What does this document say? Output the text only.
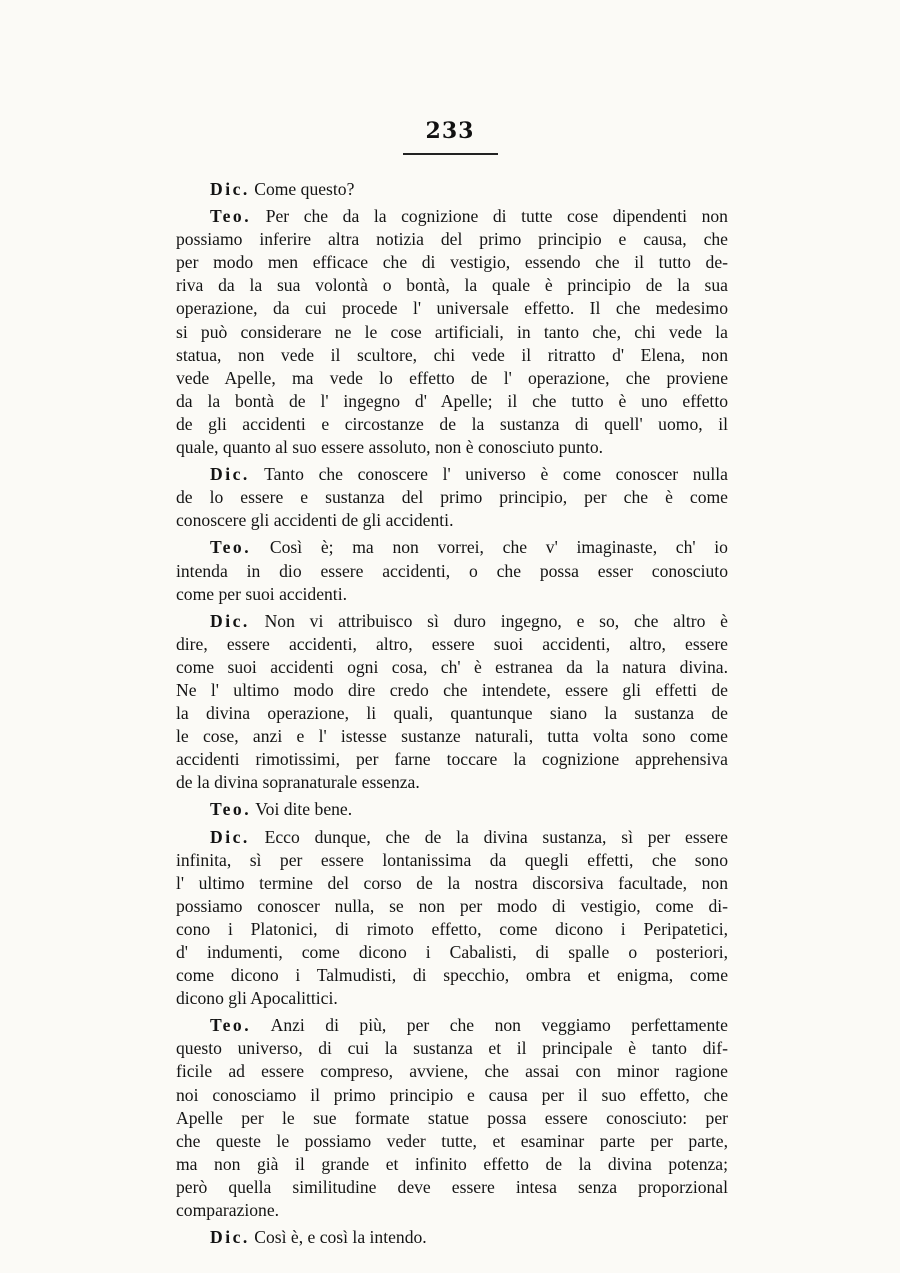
233
Dic. Come questo?
Teo. Per che da la cognizione di tutte cose dipendenti non
possiamo inferire altra notizia del primo principio e causa, che
per modo men efficace che di vestigio, essendo che il tutto de-
riva da la sua volontà o bontà, la quale è principio de la sua
operazione, da cui procede l' universale effetto. Il che medesimo
si può considerare ne le cose artificiali, in tanto che, chi vede la
statua, non vede il scultore, chi vede il ritratto d' Elena, non
vede Apelle, ma vede lo effetto de l' operazione, che proviene
da la bontà de l' ingegno d' Apelle; il che tutto è uno effetto
de gli accidenti e circostanze de la sustanza di quell' uomo, il
quale, quanto al suo essere assoluto, non è conosciuto punto.
Dic. Tanto che conoscere l' universo è come conoscer nulla
de lo essere e sustanza del primo principio, per che è come
conoscere gli accidenti de gli accidenti.
Teo. Così è; ma non vorrei, che v' imaginaste, ch' io
intenda in dio essere accidenti, o che possa esser conosciuto
come per suoi accidenti.
Dic. Non vi attribuisco sì duro ingegno, e so, che altro è
dire, essere accidenti, altro, essere suoi accidenti, altro, essere
come suoi accidenti ogni cosa, ch' è estranea da la natura divina.
Ne l' ultimo modo dire credo che intendete, essere gli effetti de
la divina operazione, li quali, quantunque siano la sustanza de
le cose, anzi e l' istesse sustanze naturali, tutta volta sono come
accidenti rimotissimi, per farne toccare la cognizione apprehensiva
de la divina sopranaturale essenza.
Teo. Voi dite bene.
Dic. Ecco dunque, che de la divina sustanza, sì per essere
infinita, sì per essere lontanissima da quegli effetti, che sono
l' ultimo termine del corso de la nostra discorsiva facultade, non
possiamo conoscer nulla, se non per modo di vestigio, come di-
cono i Platonici, di rimoto effetto, come dicono i Peripatetici,
d' indumenti, come dicono i Cabalisti, di spalle o posteriori,
come dicono i Talmudisti, di specchio, ombra et enigma, come
dicono gli Apocalittici.
Teo. Anzi di più, per che non veggiamo perfettamente
questo universo, di cui la sustanza et il principale è tanto dif-
ficile ad essere compreso, avviene, che assai con minor ragione
noi conosciamo il primo principio e causa per il suo effetto, che
Apelle per le sue formate statue possa essere conosciuto: per
che queste le possiamo veder tutte, et esaminar parte per parte,
ma non già il grande et infinito effetto de la divina potenza;
però quella similitudine deve essere intesa senza proporzional
comparazione.
Dic. Così è, e così la intendo.
